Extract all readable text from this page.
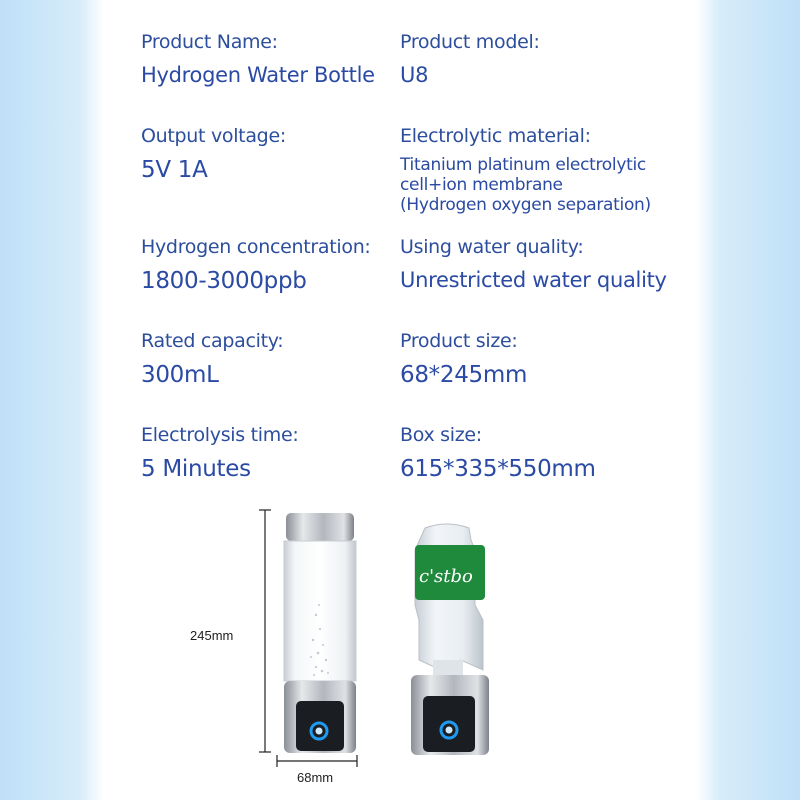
Product Name:
Hydrogen Water Bottle
Output voltage:
5V 1A
Hydrogen concentration:
1800-3000ppb
Rated capacity:
300mL
Electrolysis time:
5 Minutes
Product model:
U8
Electrolytic material:
Titanium platinum electrolytic
cell+ion membrane
(Hydrogen oxygen separation)
Using water quality:
Unrestricted water quality
Product size:
68*245mm
Box size:
615*335*550mm
245mm
68mm
c'stbo
